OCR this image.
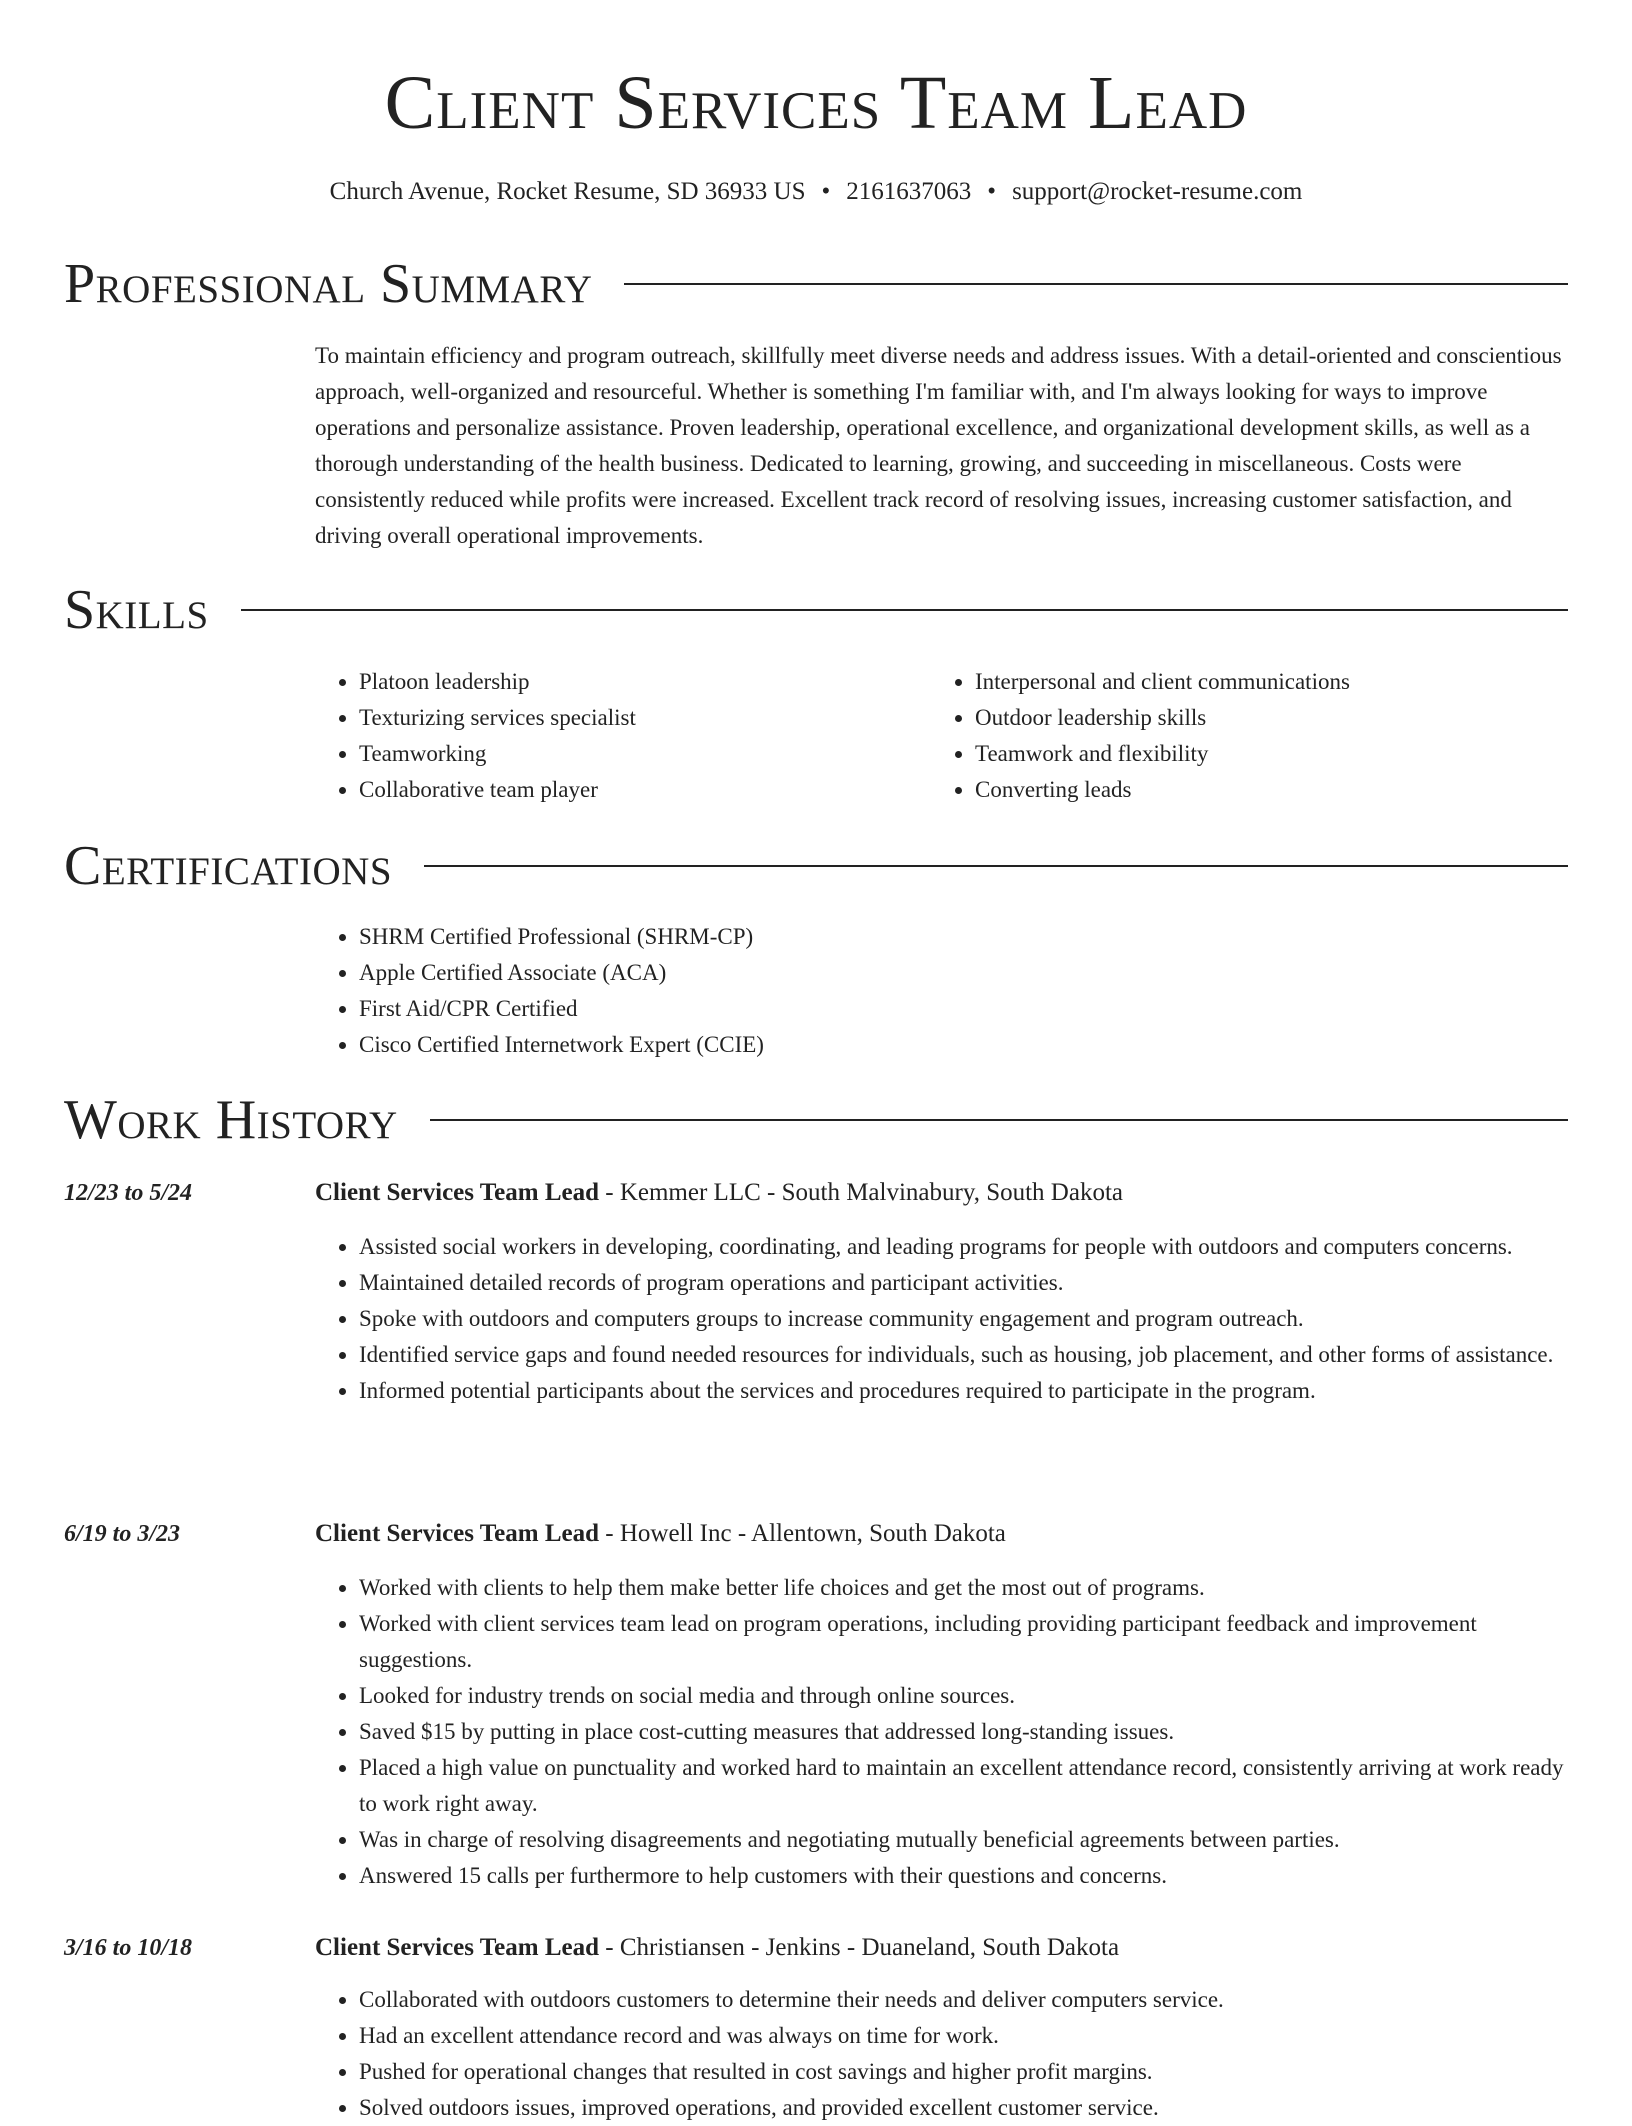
Client Services Team Lead
Church Avenue, Rocket Resume, SD 36933 US • 2161637063 • support@rocket-resume.com
Professional Summary

To maintain efficiency and program outreach, skillfully meet diverse needs and address issues. With a detail-oriented and conscientious approach, well-organized and resourceful. Whether is something I'm familiar with, and I'm always looking for ways to improve operations and personalize assistance. Proven leadership, operational excellence, and organizational development skills, as well as a thorough understanding of the health business. Dedicated to learning, growing, and succeeding in miscellaneous. Costs were consistently reduced while profits were increased. Excellent track record of resolving issues, increasing customer satisfaction, and driving overall operational improvements.

Skills
• Platoon leadership
• Texturizing services specialist
• Teamworking
• Collaborative team player
• Interpersonal and client communications
• Outdoor leadership skills
• Teamwork and flexibility
• Converting leads
Certifications
• SHRM Certified Professional (SHRM-CP)
• Apple Certified Associate (ACA)
• First Aid/CPR Certified
• Cisco Certified Internetwork Expert (CCIE)
Work History
12/23 to 5/24	Client Services Team Lead - Kemmer LLC - South Malvinabury, South Dakota
• Assisted social workers in developing, coordinating, and leading programs for people with outdoors and computers concerns.
• Maintained detailed records of program operations and participant activities.
• Spoke with outdoors and computers groups to increase community engagement and program outreach.
• Identified service gaps and found needed resources for individuals, such as housing, job placement, and other forms of assistance.
• Informed potential participants about the services and procedures required to participate in the program.
6/19 to 3/23	Client Services Team Lead - Howell Inc - Allentown, South Dakota
• Worked with clients to help them make better life choices and get the most out of programs.
• Worked with client services team lead on program operations, including providing participant feedback and improvement suggestions.
• Looked for industry trends on social media and through online sources.
• Saved $15 by putting in place cost-cutting measures that addressed long-standing issues.
• Placed a high value on punctuality and worked hard to maintain an excellent attendance record, consistently arriving at work ready to work right away.
• Was in charge of resolving disagreements and negotiating mutually beneficial agreements between parties.
• Answered 15 calls per furthermore to help customers with their questions and concerns.
3/16 to 10/18	Client Services Team Lead - Christiansen - Jenkins - Duaneland, South Dakota
• Collaborated with outdoors customers to determine their needs and deliver computers service.
• Had an excellent attendance record and was always on time for work.
• Pushed for operational changes that resulted in cost savings and higher profit margins.
• Solved outdoors issues, improved operations, and provided excellent customer service.
